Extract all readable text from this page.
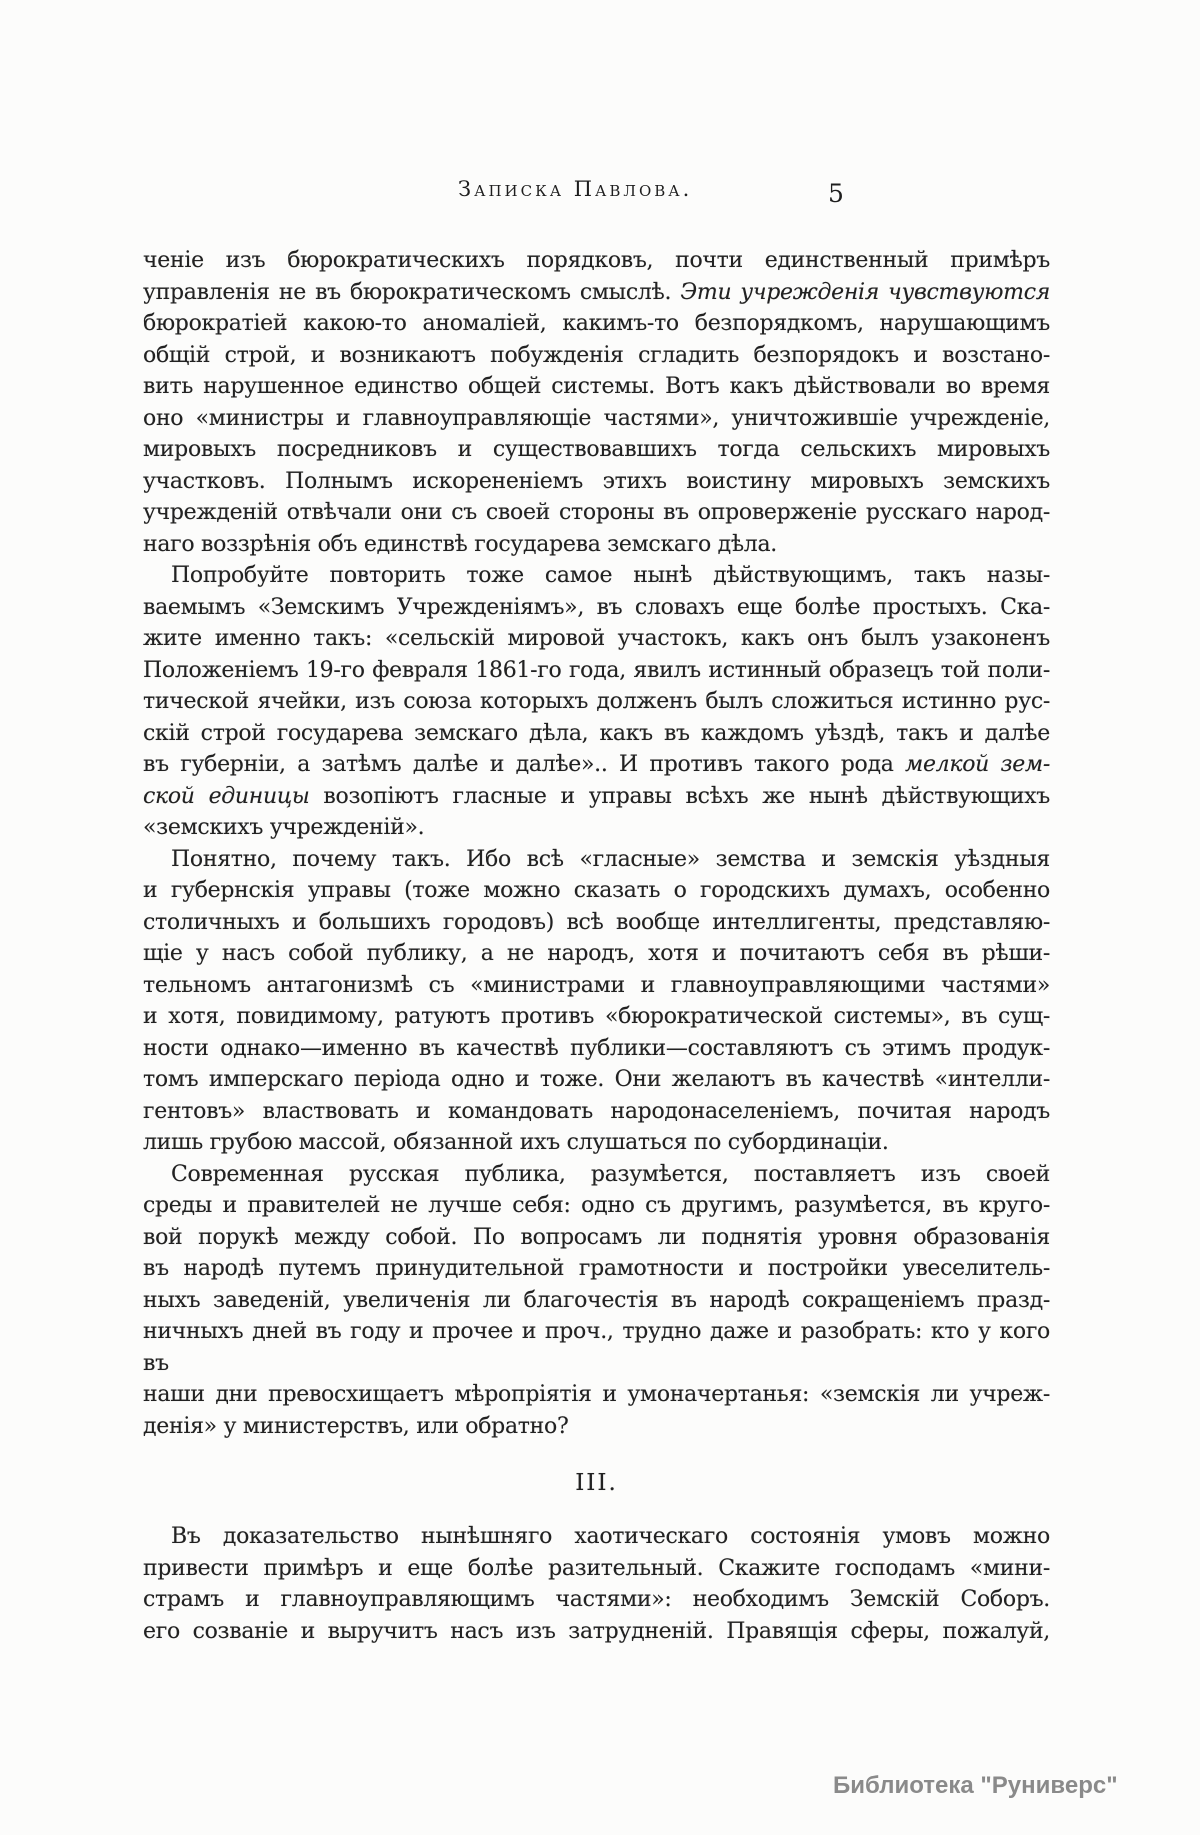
Записка Павлова.	5
ченіе изъ бюрократическихъ порядковъ, почти единственный примѣръ
управленія не въ бюрократическомъ смыслѣ. Эти учрежденія чувствуются
бюрократіей какою-то аномаліей, какимъ-то безпорядкомъ, нарушающимъ
общій строй, и возникаютъ побужденія сгладить безпорядокъ и возстано-
вить нарушенное единство общей системы. Вотъ какъ дѣйствовали во время
оно «министры и главноуправляющіе частями», уничтожившіе учрежденіе,
мировыхъ посредниковъ и существовавшихъ тогда сельскихъ мировыхъ
участковъ. Полнымъ искорененіемъ этихъ воистину мировыхъ земскихъ
учрежденій отвѣчали они съ своей стороны въ опроверженіе русскаго народ-
наго воззрѣнія объ единствѣ государева земскаго дѣла.
Попробуйте повторить тоже самое нынѣ дѣйствующимъ, такъ назы-
ваемымъ «Земскимъ Учрежденіямъ», въ словахъ еще болѣе простыхъ. Ска-
жите именно такъ: «сельскій мировой участокъ, какъ онъ былъ узаконенъ
Положеніемъ 19-го февраля 1861-го года, явилъ истинный образецъ той поли-
тической ячейки, изъ союза которыхъ долженъ былъ сложиться истинно рус-
скій строй государева земскаго дѣла, какъ въ каждомъ уѣздѣ, такъ и далѣе
въ губерніи, а затѣмъ далѣе и далѣе».. И противъ такого рода мелкой зем-
ской единицы возопіютъ гласные и управы всѣхъ же нынѣ дѣйствующихъ
«земскихъ учрежденій».
Понятно, почему такъ. Ибо всѣ «гласные» земства и земскія уѣздныя
и губернскія управы (тоже можно сказать о городскихъ думахъ, особенно
столичныхъ и большихъ городовъ) всѣ вообще интеллигенты, представляю-
щіе у насъ собой публику, а не народъ, хотя и почитаютъ себя въ рѣши-
тельномъ антагонизмѣ съ «министрами и главноуправляющими частями»
и хотя, повидимому, ратуютъ противъ «бюрократической системы», въ сущ-
ности однако—именно въ качествѣ публики—составляютъ съ этимъ продук-
томъ имперскаго періода одно и тоже. Они желаютъ въ качествѣ «интелли-
гентовъ» властвовать и командовать народонаселеніемъ, почитая народъ
лишь грубою массой, обязанной ихъ слушаться по субординаціи.
Современная русская публика, разумѣется, поставляетъ изъ своей
среды и правителей не лучше себя: одно съ другимъ, разумѣется, въ круго-
вой порукѣ между собой. По вопросамъ ли поднятія уровня образованія
въ народѣ путемъ принудительной грамотности и постройки увеселитель-
ныхъ заведеній, увеличенія ли благочестія въ народѣ сокращеніемъ празд-
ничныхъ дней въ году и прочее и проч., трудно даже и разобрать: кто у кого въ
наши дни превосхищаетъ мѣропріятія и умоначертанья: «земскія ли учреж-
денія» у министерствъ, или обратно?
III.
Въ доказательство нынѣшняго хаотическаго состоянія умовъ можно
привести примѣръ и еще болѣе разительный. Скажите господамъ «мини-
страмъ и главноуправляющимъ частями»: необходимъ Земскій Соборъ.
его созваніе и выручитъ насъ изъ затрудненій. Правящія сферы, пожалуй,
Библиотека "Руниверс"
